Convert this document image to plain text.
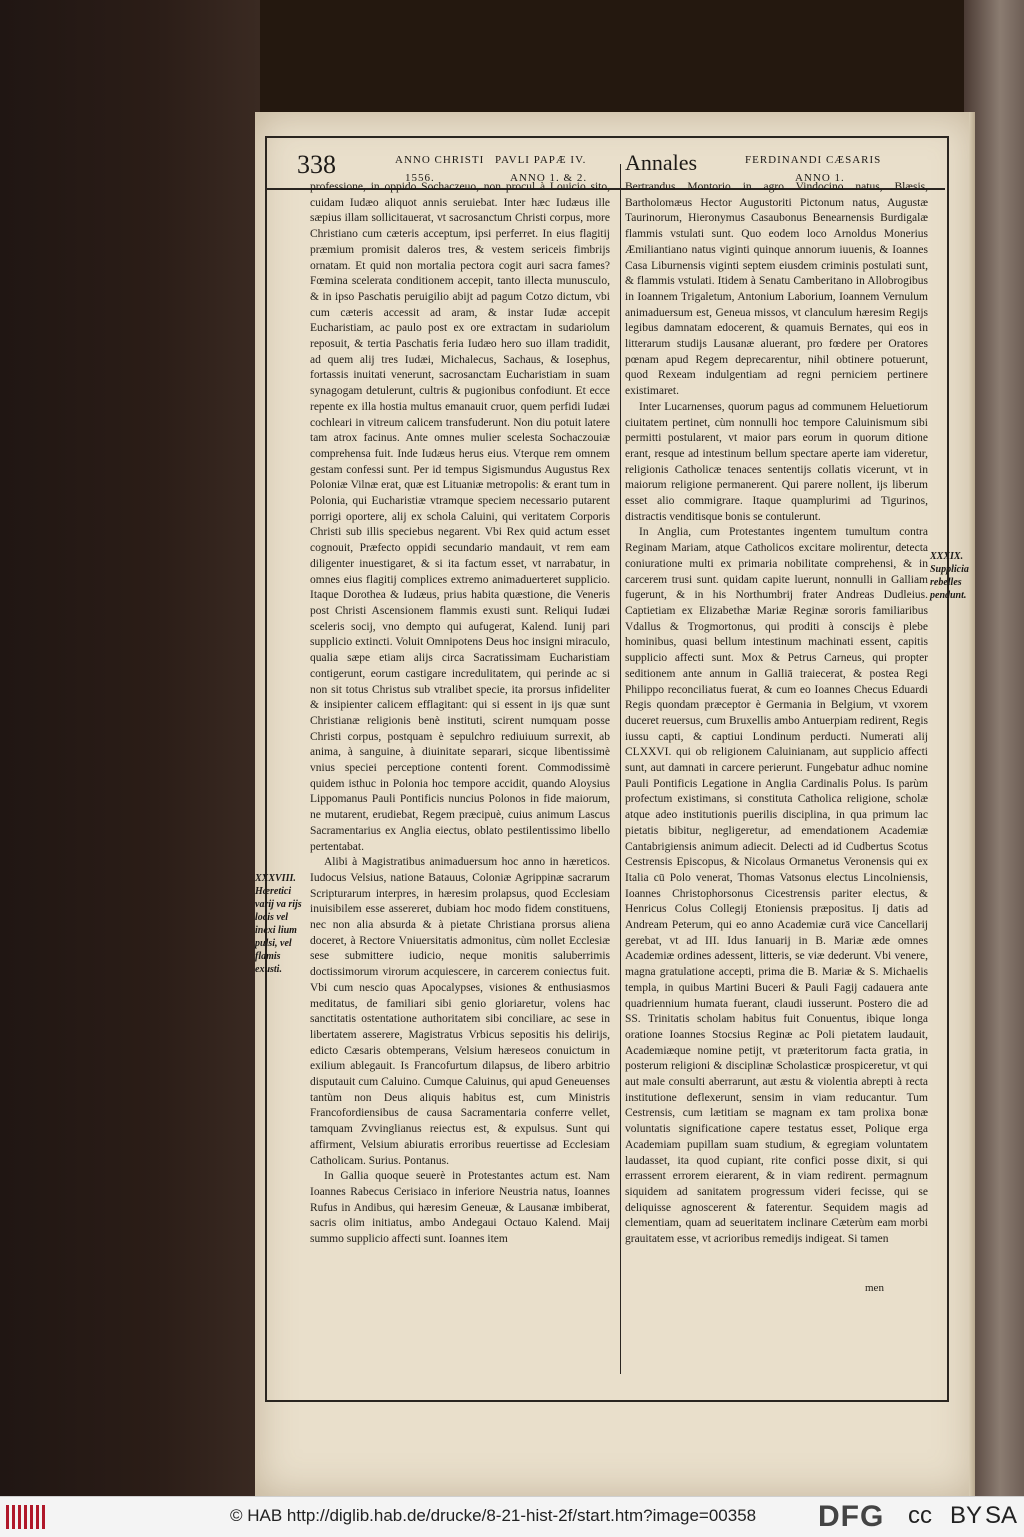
338	ANNO CHRISTI
1556.
PAVLI PAPÆ IV.
ANNO 1. & 2.
Annales	FERDINANDI CÆSARIS
ANNO 1.
XXXVIII. Hæretici varij va rijs locis vel inexi lium pulsi, vel flamis exusti.
XXXIX. Supplicia rebelles pendunt.

professione, in oppido Sochaczeuo, non procul à Louicio sito, cuidam Iudæo aliquot annis seruiebat. Inter hæc Iudæus ille sæpius illam sollicitauerat, vt sacrosanctum Christi corpus, more Christiano cum cæteris acceptum, ipsi perferret. In eius flagitij præmium promisit daleros tres, & vestem sericeis fimbrijs ornatam. Et quid non mortalia pectora cogit auri sacra fames? Fœmina scelerata conditionem accepit, tanto illecta munusculo, & in ipso Paschatis peruigilio abijt ad pagum Cotzo dictum, vbi cum cæteris accessit ad aram, & instar Iudæ accepit Eucharistiam, ac paulo post ex ore extractam in sudariolum reposuit, & tertia Paschatis feria Iudæo hero suo illam tradidit, ad quem alij tres Iudæi, Michalecus, Sachaus, & Iosephus, fortassis inuitati venerunt, sacrosanctam Eucharistiam in suam synagogam detulerunt, cultris & pugionibus confodiunt. Et ecce repente ex illa hostia multus emanauit cruor, quem perfidi Iudæi cochleari in vitreum calicem transfuderunt. Non diu potuit latere tam atrox facinus. Ante omnes mulier scelesta Sochaczouiæ comprehensa fuit. Inde Iudæus herus eius. Vterque rem omnem gestam confessi sunt. Per id tempus Sigismundus Augustus Rex Poloniæ Vilnæ erat, quæ est Lituaniæ metropolis: & erant tum in Polonia, qui Eucharistiæ vtramque speciem necessario putarent porrigi oportere, alij ex schola Caluini, qui veritatem Corporis Christi sub illis speciebus negarent. Vbi Rex quid actum esset cognouit, Præfecto oppidi secundario mandauit, vt rem eam diligenter inuestigaret, & si ita factum esset, vt narrabatur, in omnes eius flagitij complices extremo animaduerteret supplicio. Itaque Dorothea & Iudæus, prius habita quæstione, die Veneris post Christi Ascensionem flammis exusti sunt. Reliqui Iudæi sceleris socij, vno dempto qui aufugerat, Kalend. Iunij pari supplicio extincti. Voluit Omnipotens Deus hoc insigni miraculo, qualia sæpe etiam alijs circa Sacratissimam Eucharistiam contigerunt, eorum castigare incredulitatem, qui perinde ac si non sit totus Christus sub vtralibet specie, ita prorsus infideliter & insipienter calicem efflagitant: qui si essent in ijs quæ sunt Christianæ religionis benè instituti, scirent numquam posse Christi corpus, postquam è sepulchro rediuiuum surrexit, ab anima, à sanguine, à diuinitate separari, sicque libentissimè vnius speciei perceptione contenti forent. Commodissimè quidem isthuc in Polonia hoc tempore accidit, quando Aloysius Lippomanus Pauli Pontificis nuncius Polonos in fide maiorum, ne mutarent, erudiebat, Regem præcipuè, cuius animum Lascus Sacramentarius ex Anglia eiectus, oblato pestilentissimo libello pertentabat.

Alibi à Magistratibus animaduersum hoc anno in hæreticos. Iudocus Velsius, natione Batauus, Coloniæ Agrippinæ sacrarum Scripturarum interpres, in hæresim prolapsus, quod Ecclesiam inuisibilem esse assereret, dubiam hoc modo fidem constituens, nec non alia absurda & à pietate Christiana prorsus aliena doceret, à Rectore Vniuersitatis admonitus, cùm nollet Ecclesiæ sese submittere iudicio, neque monitis saluberrimis doctissimorum virorum acquiescere, in carcerem coniectus fuit. Vbi cum nescio quas Apocalypses, visiones & enthusiasmos meditatus, de familiari sibi genio gloriaretur, volens hac sanctitatis ostentatione authoritatem sibi conciliare, ac sese in libertatem asserere, Magistratus Vrbicus sepositis his delirijs, edicto Cæsaris obtemperans, Velsium hæreseos conuictum in exilium ablegauit. Is Francofurtum dilapsus, de libero arbitrio disputauit cum Caluino. Cumque Caluinus, qui apud Geneuenses tantùm non Deus aliquis habitus est, cum Ministris Francofordiensibus de causa Sacramentaria conferre vellet, tamquam Zvvinglianus reiectus est, & expulsus. Sunt qui affirment, Velsium abiuratis erroribus reuertisse ad Ecclesiam Catholicam. Surius. Pontanus.

In Gallia quoque seuerè in Protestantes actum est. Nam Ioannes Rabecus Cerisiaco in inferiore Neustria natus, Ioannes Rufus in Andibus, qui hæresim Geneuæ, & Lausanæ imbiberat, sacris olim initiatus, ambo Andegaui Octauo Kalend. Maij summo supplicio affecti sunt. Ioannes item

Bertrandus Montorio in agro Vindocino natus, Blæsis, Bartholomæus Hector Augustoriti Pictonum natus, Augustæ Taurinorum, Hieronymus Casaubonus Benearnensis Burdigalæ flammis vstulati sunt. Quo eodem loco Arnoldus Monerius Æmiliantiano natus viginti quinque annorum iuuenis, & Ioannes Casa Liburnensis viginti septem eiusdem criminis postulati sunt, & flammis vstulati. Itidem à Senatu Camberitano in Allobrogibus in Ioannem Trigaletum, Antonium Laborium, Ioannem Vernulum animaduersum est, Geneua missos, vt clanculum hæresim Regijs legibus damnatam edocerent, & quamuis Bernates, qui eos in litterarum studijs Lausanæ aluerant, pro fœdere per Oratores pœnam apud Regem deprecarentur, nihil obtinere potuerunt, quod Rexeam indulgentiam ad regni perniciem pertinere existimaret.

Inter Lucarnenses, quorum pagus ad communem Heluetiorum ciuitatem pertinet, cùm nonnulli hoc tempore Caluinismum sibi permitti postularent, vt maior pars eorum in quorum ditione erant, resque ad intestinum bellum spectare aperte iam videretur, religionis Catholicæ tenaces sententijs collatis vicerunt, vt in maiorum religione permanerent. Qui parere nollent, ijs liberum esset alio commigrare. Itaque quamplurimi ad Tigurinos, distractis venditisque bonis se contulerunt.

In Anglia, cum Protestantes ingentem tumultum contra Reginam Mariam, atque Catholicos excitare molirentur, detecta coniuratione multi ex primaria nobilitate comprehensi, & in carcerem trusi sunt. quidam capite luerunt, nonnulli in Galliam fugerunt, & in his Northumbrij frater Andreas Dudleius. Captietiam ex Elizabethæ Mariæ Reginæ sororis familiaribus Vdallus & Trogmortonus, qui proditi à conscijs è plebe hominibus, quasi bellum intestinum machinati essent, capitis supplicio affecti sunt. Mox & Petrus Carneus, qui propter seditionem ante annum in Galliā traiecerat, & postea Regi Philippo reconciliatus fuerat, & cum eo Ioannes Checus Eduardi Regis quondam præceptor è Germania in Belgium, vt vxorem duceret reuersus, cum Bruxellis ambo Antuerpiam redirent, Regis iussu capti, & captiui Londinum perducti. Numerati alij CLXXVI. qui ob religionem Caluinianam, aut supplicio affecti sunt, aut damnati in carcere perierunt. Fungebatur adhuc nomine Pauli Pontificis Legatione in Anglia Cardinalis Polus. Is parùm profectum existimans, si constituta Catholica religione, scholæ atque adeo institutionis puerilis disciplina, in qua primum lac pietatis bibitur, negligeretur, ad emendationem Academiæ Cantabrigiensis animum adiecit. Delecti ad id Cudbertus Scotus Cestrensis Episcopus, & Nicolaus Ormanetus Veronensis qui ex Italia cū Polo venerat, Thomas Vatsonus electus Lincolniensis, Ioannes Christophorsonus Cicestrensis pariter electus, & Henricus Colus Collegij Etoniensis præpositus. Ij datis ad Andream Peterum, qui eo anno Academiæ curā vice Cancellarij gerebat, vt ad III. Idus Ianuarij in B. Mariæ æde omnes Academiæ ordines adessent, litteris, se viæ dederunt. Vbi venere, magna gratulatione accepti, prima die B. Mariæ & S. Michaelis templa, in quibus Martini Buceri & Pauli Fagij cadauera ante quadriennium humata fuerant, claudi iusserunt. Postero die ad SS. Trinitatis scholam habitus fuit Conuentus, ibique longa oratione Ioannes Stocsius Reginæ ac Poli pietatem laudauit, Academiæque nomine petijt, vt præteritorum facta gratia, in posterum religioni & disciplinæ Scholasticæ prospiceretur, vt qui aut male consulti aberrarunt, aut æstu & violentia abrepti à recta institutione deflexerunt, sensim in viam reducantur. Tum Cestrensis, cum lætitiam se magnam ex tam prolixa bonæ voluntatis significatione capere testatus esset, Polique erga Academiam pupillam suam studium, & egregiam voluntatem laudasset, ita quod cupiant, rite confici posse dixit, si qui errassent errorem eierarent, & in viam redirent. permagnum siquidem ad sanitatem progressum videri fecisse, qui se deliquisse agnoscerent & faterentur. Sequidem magis ad clementiam, quam ad seueritatem inclinare Cæterùm eam morbi grauitatem esse, vt acrioribus remedijs indigeat. Si tamen

men
© HAB http://diglib.hab.de/drucke/8-21-hist-2f/start.htm?image=00358 DFG cc BY SA
